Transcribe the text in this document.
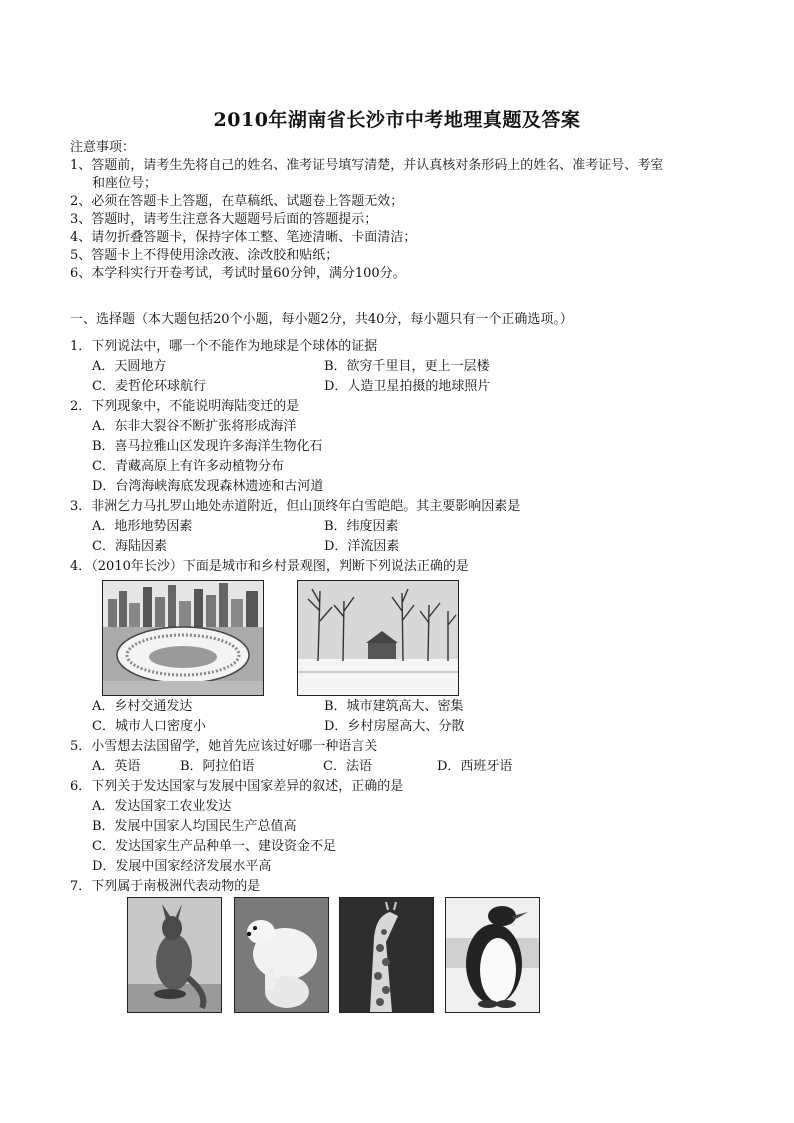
2010年湖南省长沙市中考地理真题及答案
注意事项：
1、答题前，请考生先将自己的姓名、准考证号填写清楚，并认真核对条形码上的姓名、准考证号、考室
和座位号；
2、必须在答题卡上答题，在草稿纸、试题卷上答题无效；
3、答题时，请考生注意各大题题号后面的答题提示；
4、请勿折叠答题卡，保持字体工整、笔迹清晰、卡面清洁；
5、答题卡上不得使用涂改液、涂改胶和贴纸；
6、本学科实行开卷考试，考试时量60分钟，满分100分。
一、选择题（本大题包括20个小题，每小题2分，共40分，每小题只有一个正确选项。）
1．下列说法中，哪一个不能作为地球是个球体的证据
A．天圆地方	B．欲穷千里目，更上一层楼
C．麦哲伦环球航行	D．人造卫星拍摄的地球照片
2．下列现象中，不能说明海陆变迁的是
A．东非大裂谷不断扩张将形成海洋
B．喜马拉雅山区发现许多海洋生物化石
C．青藏高原上有许多动植物分布
D．台湾海峡海底发现森林遗迹和古河道
3．非洲乞力马扎罗山地处赤道附近，但山顶终年白雪皑皑。其主要影响因素是
A．地形地势因素	B．纬度因素
C．海陆因素	D．洋流因素
4．（2010年长沙）下面是城市和乡村景观图，判断下列说法正确的是
A．乡村交通发达	B．城市建筑高大、密集
C．城市人口密度小	D．乡村房屋高大、分散
5．小雪想去法国留学，她首先应该过好哪一种语言关
A．英语	B．阿拉伯语	C．法语	D．西班牙语
6．下列关于发达国家与发展中国家差异的叙述，正确的是
A．发达国家工农业发达
B．发展中国家人均国民生产总值高
C．发达国家生产品种单一、建设资金不足
D．发展中国家经济发展水平高
7．下列属于南极洲代表动物的是
